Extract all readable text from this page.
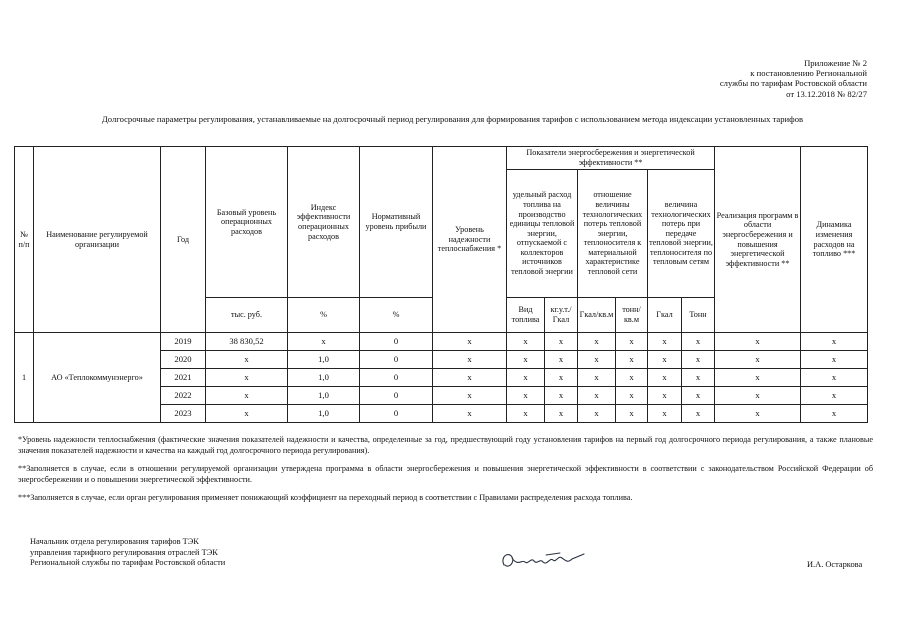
Приложение № 2
к постановлению Региональной
службы по тарифам Ростовской области
от 13.12.2018 № 82/27
Долгосрочные параметры регулирования, устанавливаемые на долгосрочный период регулирования для формирования тарифов с использованием метода индексации установленных тарифов
№ п/п	Наименование регулируемой организации	Год	Базовый уровень операционных расходов	Индекс эффективности операционных расходов	Нормативный уровень прибыли	Уровень надежности теплоснабжения *	Показатели энергосбережения и энергетической эффективности **						Реализация программ в области энергосбережения и повышения энергетической эффективности **	Динамика изменения расходов на топливо ***
							удельный расход топлива на производство единицы тепловой энергии, отпускаемой с коллекторов источников тепловой энергии		отношение величины технологических потерь тепловой энергии, теплоносителя к материальной характеристике тепловой сети		величина технологических потерь при передаче тепловой энергии, теплоносителя по тепловым сетям			
			тыс. руб.	%	%		Вид топлива	кг.у.т./Гкал	Гкал/кв.м	тонн/кв.м	Гкал	Тонн		
1	АО «Теплокоммунэнерго»	2019	38 830,52	x	0	x	x	x	x	x	x	x	x	x
		2020	x	1,0	0	x	x	x	x	x	x	x	x	x
		2021	x	1,0	0	x	x	x	x	x	x	x	x	x
		2022	x	1,0	0	x	x	x	x	x	x	x	x	x
		2023	x	1,0	0	x	x	x	x	x	x	x	x	x
*Уровень надежности теплоснабжения (фактические значения показателей надежности и качества, определенные за год, предшествующий году установления тарифов на первый год долгосрочного периода регулирования, а также плановые значения показателей надежности и качества на каждый год долгосрочного периода регулирования).
**Заполняется в случае, если в отношении регулируемой организации утверждена программа в области энергосбережения и повышения энергетической эффективности в соответствии с законодательством Российской Федерации об энергосбережении и о повышении энергетической эффективности.
***Заполняется в случае, если орган регулирования применяет понижающий коэффициент на переходный период в соответствии с Правилами распределения расхода топлива.
Начальник отдела регулирования тарифов ТЭК
управления тарифного регулирования отраслей ТЭК
Региональной службы по тарифам Ростовской области	И.А. Остаркова
